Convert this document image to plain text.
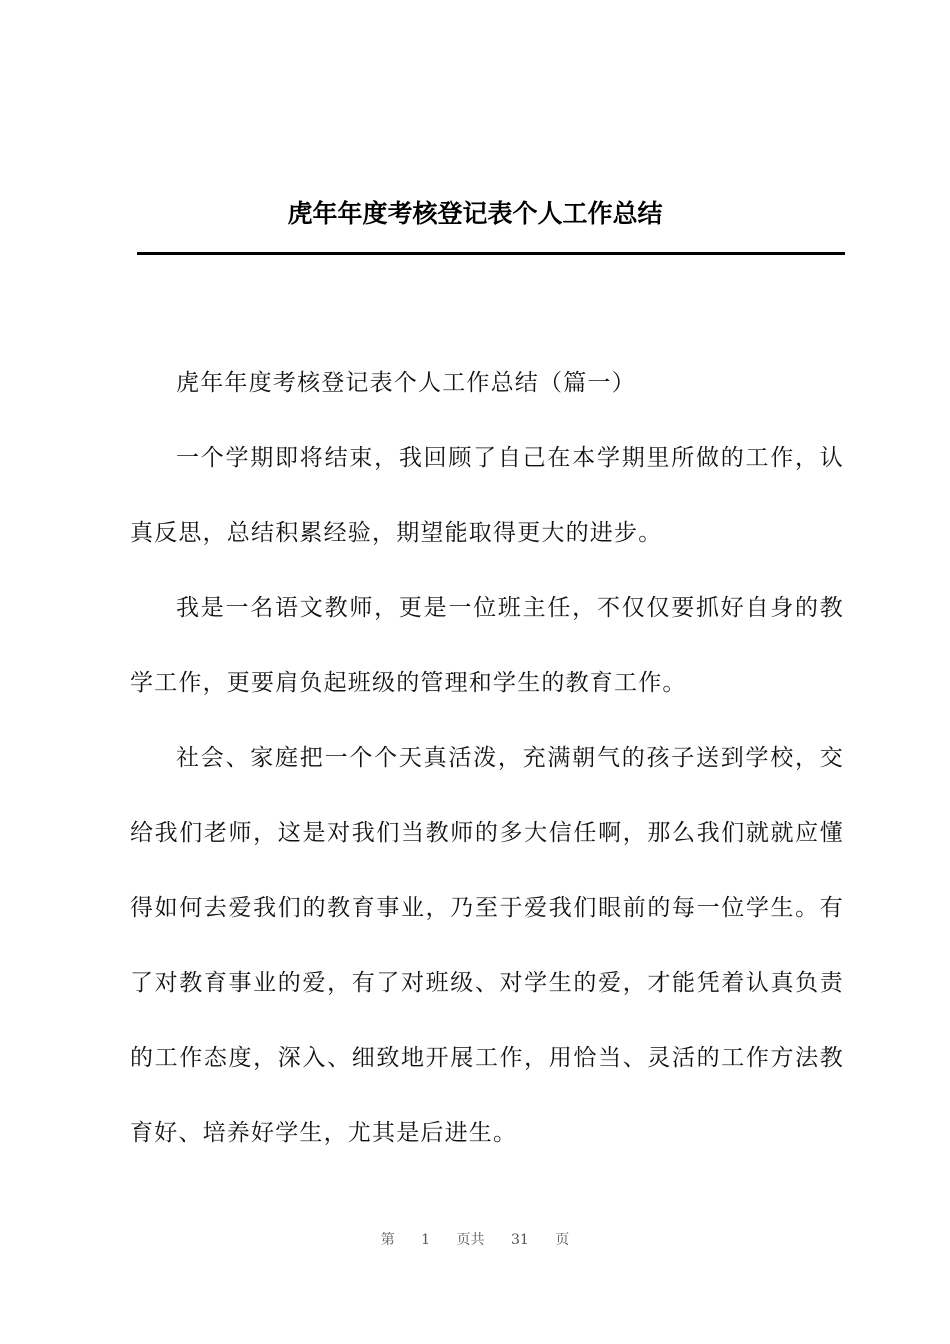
虎年年度考核登记表个人工作总结

虎年年度考核登记表个人工作总结（篇一）

一个学期即将结束，我回顾了自己在本学期里所做的工作，认真反思，总结积累经验，期望能取得更大的进步。

我是一名语文教师，更是一位班主任，不仅仅要抓好自身的教学工作，更要肩负起班级的管理和学生的教育工作。

社会、家庭把一个个天真活泼，充满朝气的孩子送到学校，交给我们老师，这是对我们当教师的多大信任啊，那么我们就就应懂得如何去爱我们的教育事业，乃至于爱我们眼前的每一位学生。有了对教育事业的爱，有了对班级、对学生的爱，才能凭着认真负责的工作态度，深入、细致地开展工作，用恰当、灵活的工作方法教育好、培养好学生，尤其是后进生。

第 1 页共 31 页
